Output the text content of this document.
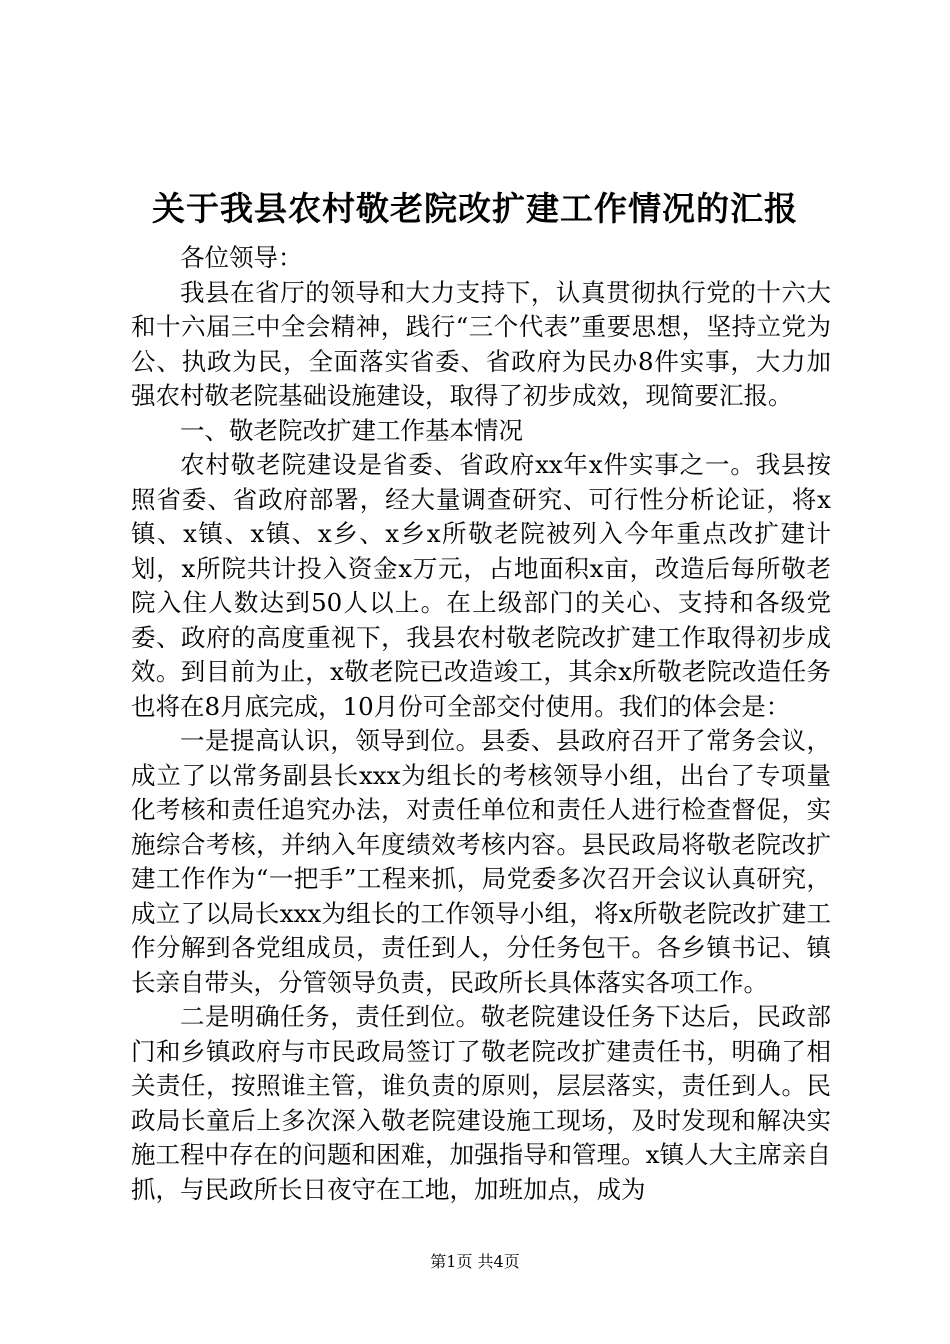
关于我县农村敬老院改扩建工作情况的汇报

各位领导：

我县在省厅的领导和大力支持下，认真贯彻执行党的十六大和十六届三中全会精神，践行“三个代表”重要思想，坚持立党为公、执政为民，全面落实省委、省政府为民办8件实事，大力加强农村敬老院基础设施建设，取得了初步成效，现简要汇报。

一、敬老院改扩建工作基本情况

农村敬老院建设是省委、省政府xx年x件实事之一。我县按照省委、省政府部署，经大量调查研究、可行性分析论证，将x镇、x镇、x镇、x乡、x乡x所敬老院被列入今年重点改扩建计划，x所院共计投入资金x万元，占地面积x亩，改造后每所敬老院入住人数达到50人以上。在上级部门的关心、支持和各级党委、政府的高度重视下，我县农村敬老院改扩建工作取得初步成效。到目前为止，x敬老院已改造竣工，其余x所敬老院改造任务也将在8月底完成，10月份可全部交付使用。我们的体会是：

一是提高认识，领导到位。县委、县政府召开了常务会议，成立了以常务副县长xxx为组长的考核领导小组，出台了专项量化考核和责任追究办法，对责任单位和责任人进行检查督促，实施综合考核，并纳入年度绩效考核内容。县民政局将敬老院改扩建工作作为“一把手”工程来抓，局党委多次召开会议认真研究，成立了以局长xxx为组长的工作领导小组，将x所敬老院改扩建工作分解到各党组成员，责任到人，分任务包干。各乡镇书记、镇长亲自带头，分管领导负责，民政所长具体落实各项工作。

二是明确任务，责任到位。敬老院建设任务下达后，民政部门和乡镇政府与市民政局签订了敬老院改扩建责任书，明确了相关责任，按照谁主管，谁负责的原则，层层落实，责任到人。民政局长童后上多次深入敬老院建设施工现场，及时发现和解决实施工程中存在的问题和困难，加强指导和管理。x镇人大主席亲自抓，与民政所长日夜守在工地，加班加点，成为

第1页 共4页
